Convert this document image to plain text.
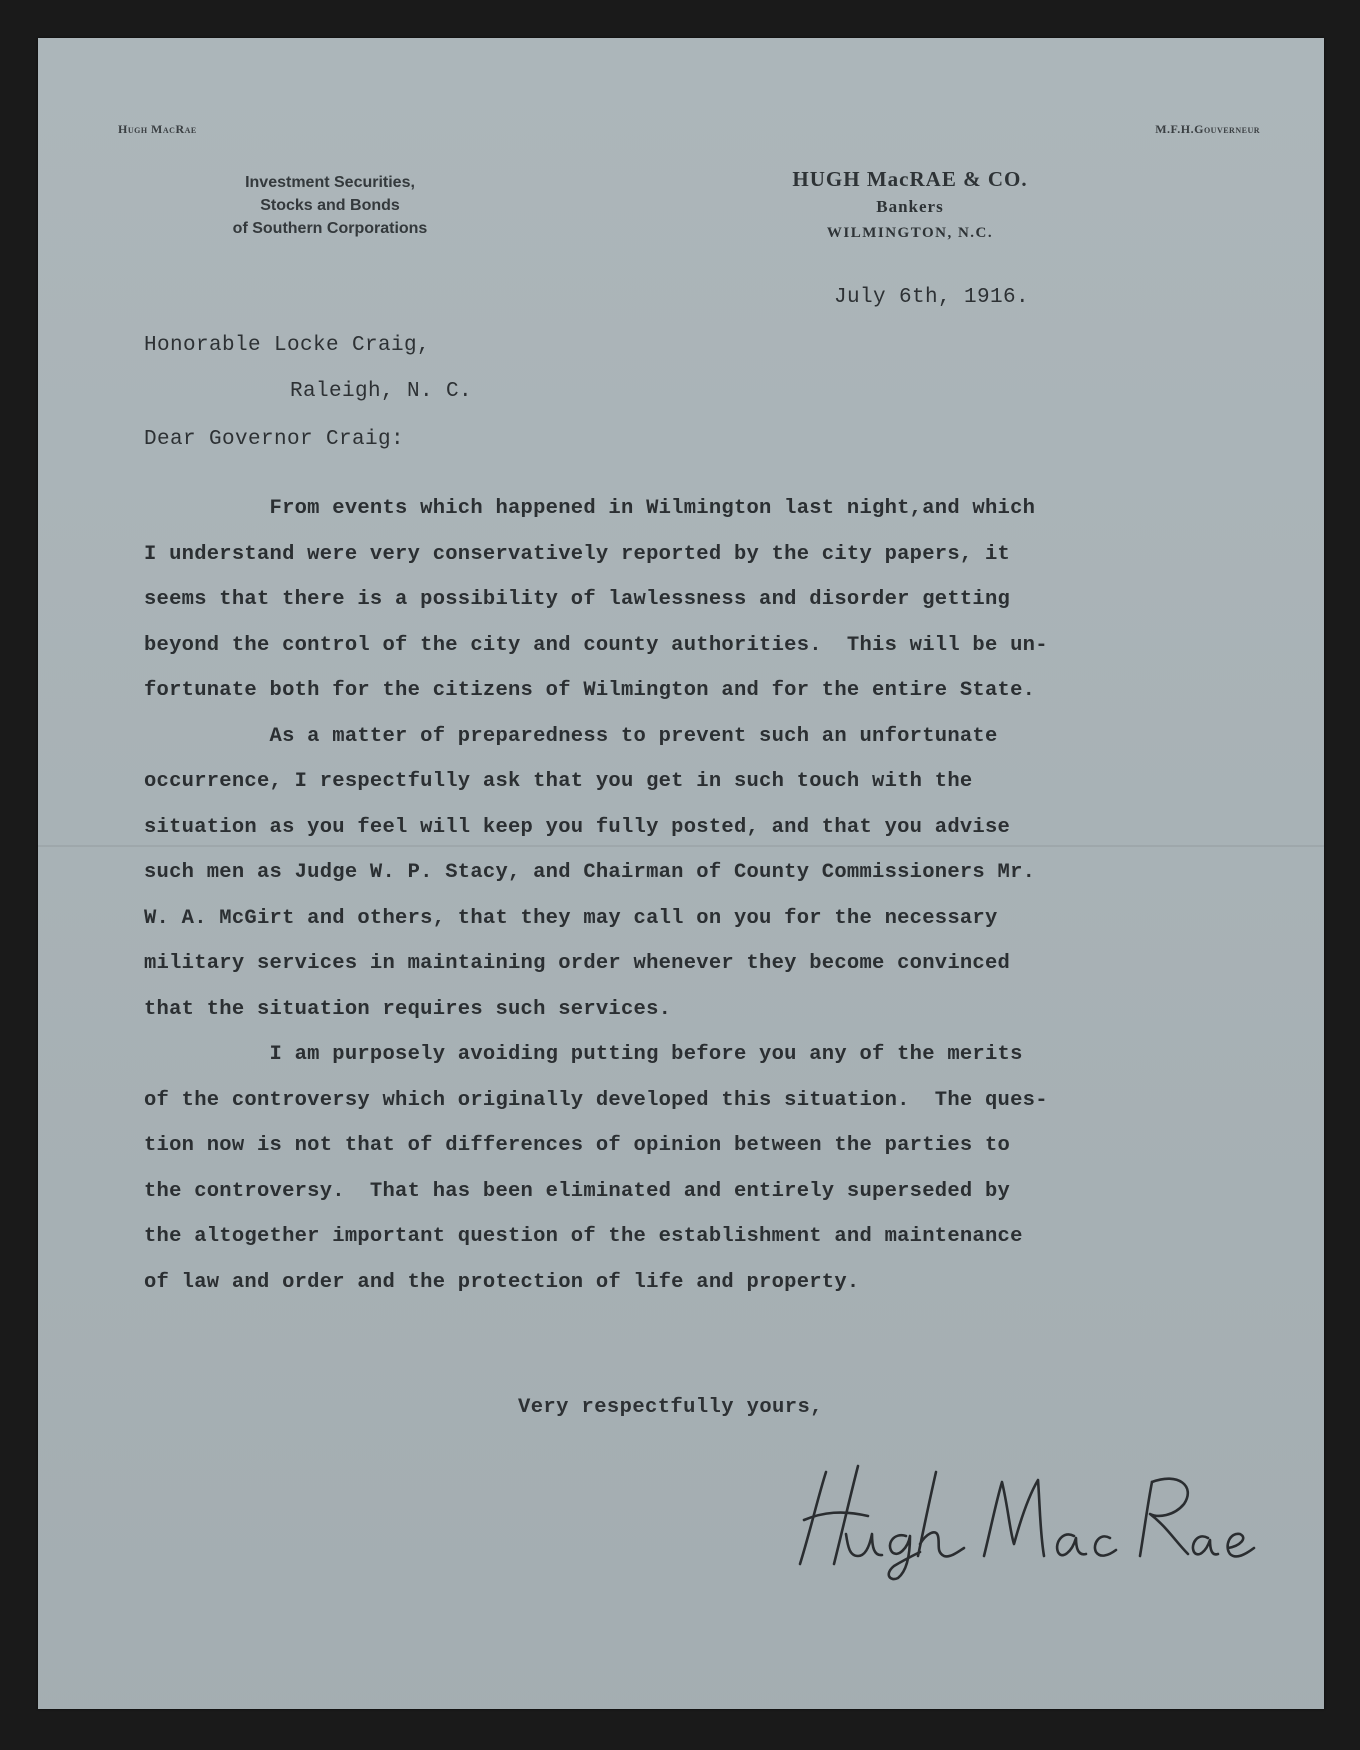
Hugh MacRae	M.F.H.Gouverneur
Investment Securities,
Stocks and Bonds
of Southern Corporations
HUGH MacRAE & CO.
Bankers
WILMINGTON, N.C.
July 6th, 1916.
Honorable Locke Craig,
Raleigh, N. C.
Dear Governor Craig:
From events which happened in Wilmington last night,and which
I understand were very conservatively reported by the city papers, it
seems that there is a possibility of lawlessness and disorder getting
beyond the control of the city and county authorities.  This will be un-
fortunate both for the citizens of Wilmington and for the entire State.
As a matter of preparedness to prevent such an unfortunate
occurrence, I respectfully ask that you get in such touch with the
situation as you feel will keep you fully posted, and that you advise
such men as Judge W. P. Stacy, and Chairman of County Commissioners Mr.
W. A. McGirt and others, that they may call on you for the necessary
military services in maintaining order whenever they become convinced
that the situation requires such services.
I am purposely avoiding putting before you any of the merits
of the controversy which originally developed this situation.  The ques-
tion now is not that of differences of opinion between the parties to
the controversy.  That has been eliminated and entirely superseded by
the altogether important question of the establishment and maintenance
of law and order and the protection of life and property.
Very respectfully yours,
